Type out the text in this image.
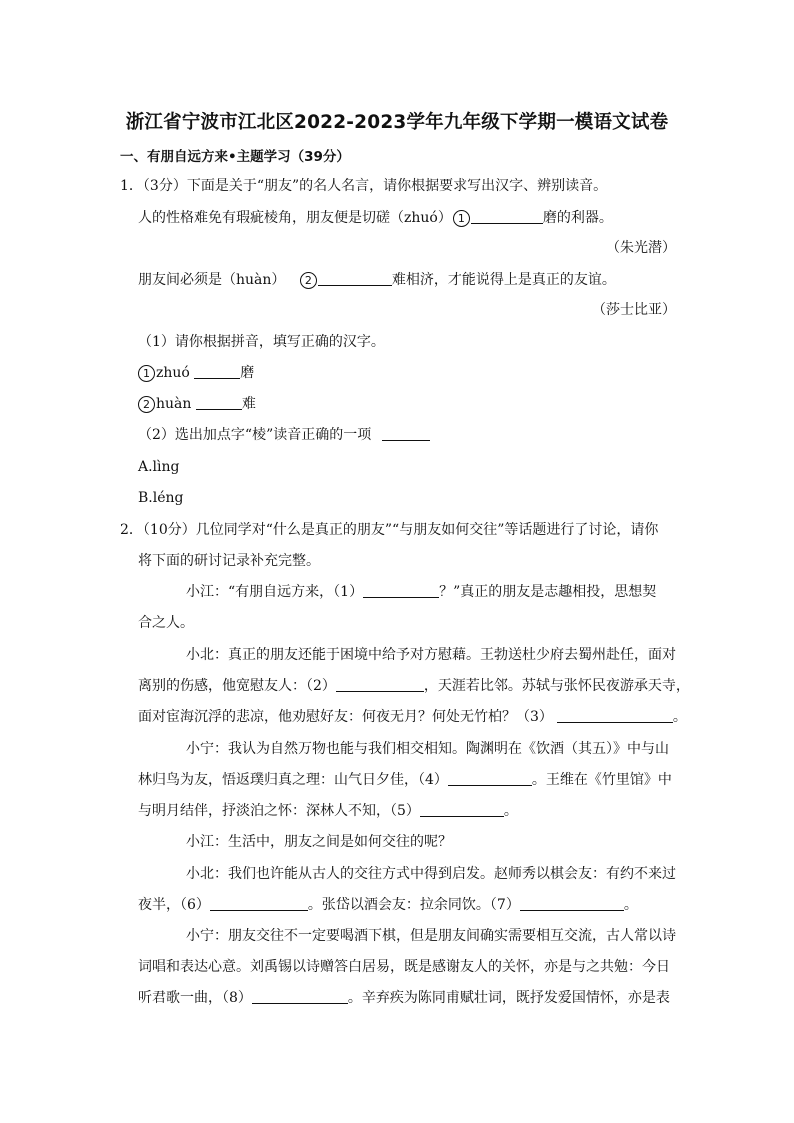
浙江省宁波市江北区2022-2023学年九年级下学期一模语文试卷
一、有朋自远方来•主题学习（39分）
1．（3分）下面是关于“朋友”的名人名言，请你根据要求写出汉字、辨别读音。
人的性格难免有瑕疵棱角，朋友便是切磋（zhuó） 1	磨的利器。
（朱光潜）
朋友间必须是（huàn） 2	难相济，才能说得上是真正的友谊。
（莎士比亚）
（1）请你根据拼音，填写正确的汉字。
1 zhuó	磨
2 huàn	难
（2）选出加点字“棱”读音正确的一项
A.lìng
B.léng
2．（10分）几位同学对“什么是真正的朋友”“与朋友如何交往”等话题进行了讨论，请你
将下面的研讨记录补充完整。
小江：“有朋自远方来，（1）	？”真正的朋友是志趣相投，思想契
合之人。
小北：真正的朋友还能于困境中给予对方慰藉。王勃送杜少府去蜀州赴任，面对
离别的伤感，他宽慰友人：（2）	，天涯若比邻。苏轼与张怀民夜游承天寺，
面对宦海沉浮的悲凉，他劝慰好友：何夜无月？何处无竹柏？（3）	。
小宁：我认为自然万物也能与我们相交相知。陶渊明在《饮酒（其五）》中与山
林归鸟为友，悟返璞归真之理：山气日夕佳，（4）	。王维在《竹里馆》中
与明月结伴，抒淡泊之怀：深林人不知，（5）	。
小江：生活中，朋友之间是如何交往的呢？
小北：我们也许能从古人的交往方式中得到启发。赵师秀以棋会友：有约不来过
夜半，（6）	。张岱以酒会友：拉余同饮。（7）	。
小宁：朋友交往不一定要喝酒下棋，但是朋友间确实需要相互交流，古人常以诗
词唱和表达心意。刘禹锡以诗赠答白居易，既是感谢友人的关怀，亦是与之共勉：今日
听君歌一曲，（8）	。辛弃疾为陈同甫赋壮词，既抒发爱国情怀，亦是表
